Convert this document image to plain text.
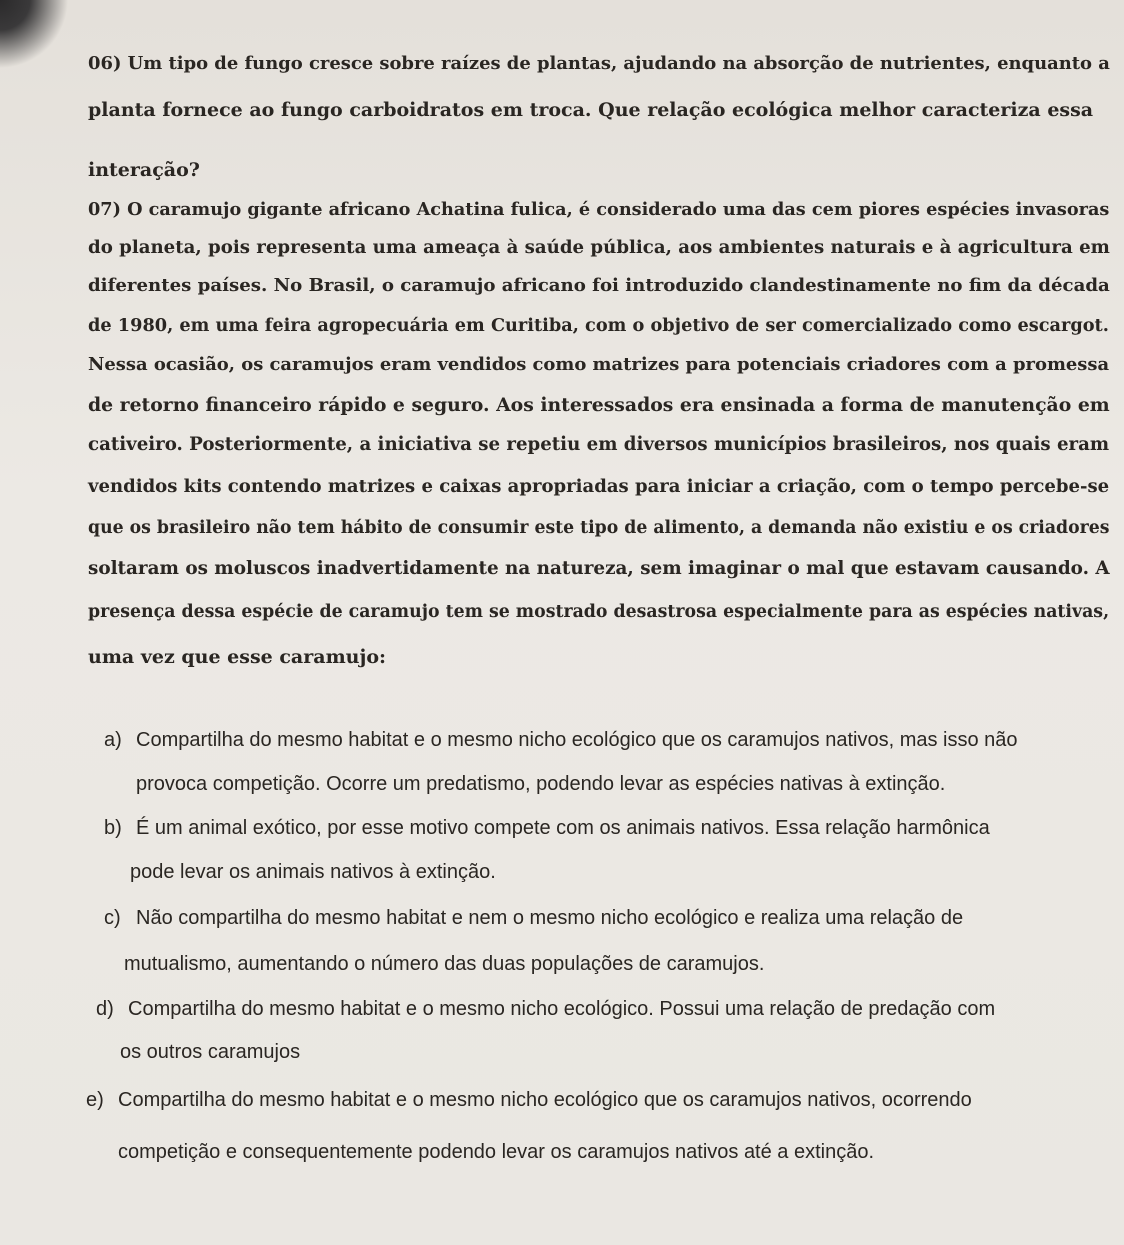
06) Um tipo de fungo cresce sobre raízes de plantas, ajudando na absorção de nutrientes, enquanto a
planta fornece ao fungo carboidratos em troca. Que relação ecológica melhor caracteriza essa
interação?
07) O caramujo gigante africano Achatina fulica, é considerado uma das cem piores espécies invasoras
do planeta, pois representa uma ameaça à saúde pública, aos ambientes naturais e à agricultura em
diferentes países. No Brasil, o caramujo africano foi introduzido clandestinamente no fim da década
de 1980, em uma feira agropecuária em Curitiba, com o objetivo de ser comercializado como escargot.
Nessa ocasião, os caramujos eram vendidos como matrizes para potenciais criadores com a promessa
de retorno financeiro rápido e seguro. Aos interessados era ensinada a forma de manutenção em
cativeiro. Posteriormente, a iniciativa se repetiu em diversos municípios brasileiros, nos quais eram
vendidos kits contendo matrizes e caixas apropriadas para iniciar a criação, com o tempo percebe-se
que os brasileiro não tem hábito de consumir este tipo de alimento, a demanda não existiu e os criadores
soltaram os moluscos inadvertidamente na natureza, sem imaginar o mal que estavam causando. A
presença dessa espécie de caramujo tem se mostrado desastrosa especialmente para as espécies nativas,
uma vez que esse caramujo:
a) Compartilha do mesmo habitat e o mesmo nicho ecológico que os caramujos nativos, mas isso não
provoca competição. Ocorre um predatismo, podendo levar as espécies nativas à extinção.
b) É um animal exótico, por esse motivo compete com os animais nativos. Essa relação harmônica
pode levar os animais nativos à extinção.
c) Não compartilha do mesmo habitat e nem o mesmo nicho ecológico e realiza uma relação de
mutualismo, aumentando o número das duas populações de caramujos.
d) Compartilha do mesmo habitat e o mesmo nicho ecológico. Possui uma relação de predação com
os outros caramujos
e) Compartilha do mesmo habitat e o mesmo nicho ecológico que os caramujos nativos, ocorrendo
competição e consequentemente podendo levar os caramujos nativos até a extinção.
